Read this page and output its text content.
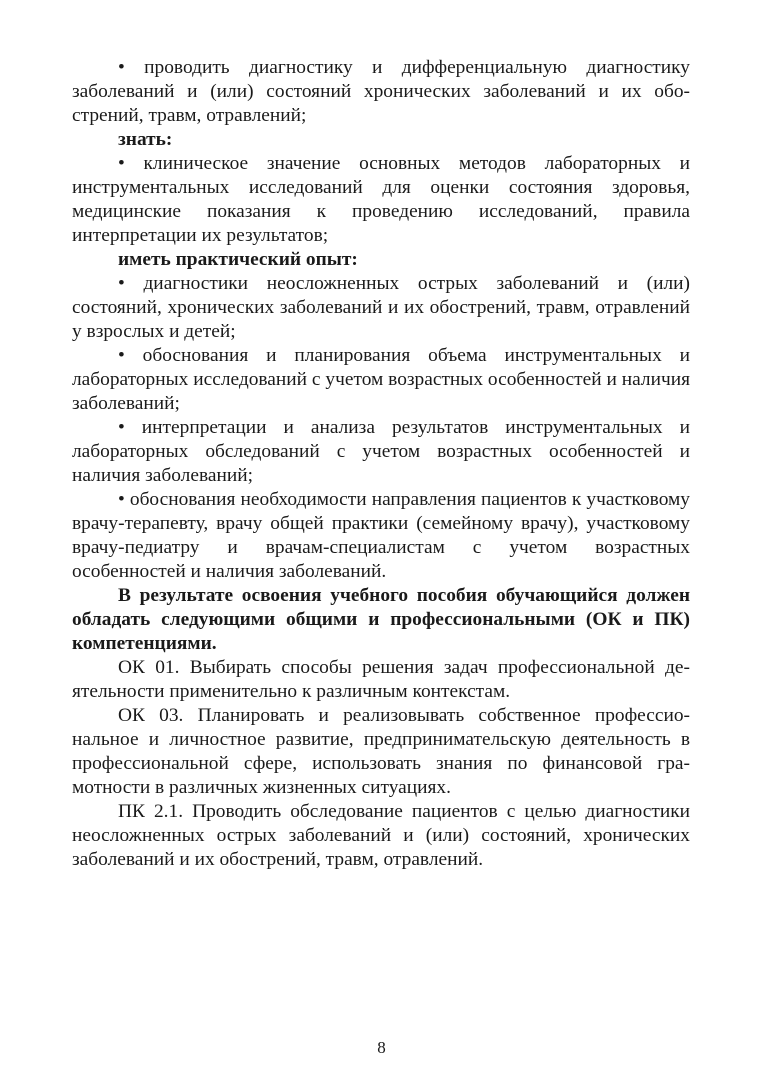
• проводить диагностику и дифференциальную диагностику заболеваний и (или) состояний хронических заболеваний и их обострений, травм, отравлений;

знать:

• клиническое значение основных методов лабораторных и инструментальных исследований для оценки состояния здоровья, медицинские показания к проведению исследований, правила интерпретации их результатов;

иметь практический опыт:

• диагностики неосложненных острых заболеваний и (или) состояний, хронических заболеваний и их обострений, травм, отравлений у взрослых и детей;

• обоснования и планирования объема инструментальных и лабораторных исследований с учетом возрастных особенностей и наличия заболеваний;

• интерпретации и анализа результатов инструментальных и лабораторных обследований с учетом возрастных особенностей и наличия заболеваний;

• обоснования необходимости направления пациентов к участковому врачу-терапевту, врачу общей практики (семейному врачу), участковому врачу-педиатру и врачам-специалистам с учетом возрастных особенностей и наличия заболеваний.

В результате освоения учебного пособия обучающийся должен обладать следующими общими и профессиональными (ОК и ПК) компетенциями.

ОК 01. Выбирать способы решения задач профессиональной деятельности применительно к различным контекстам.

ОК 03. Планировать и реализовывать собственное профессиональное и личностное развитие, предпринимательскую деятельность в профессиональной сфере, использовать знания по финансовой грамотности в различных жизненных ситуациях.

ПК 2.1. Проводить обследование пациентов с целью диагностики неосложненных острых заболеваний и (или) состояний, хронических заболеваний и их обострений, травм, отравлений.

8
